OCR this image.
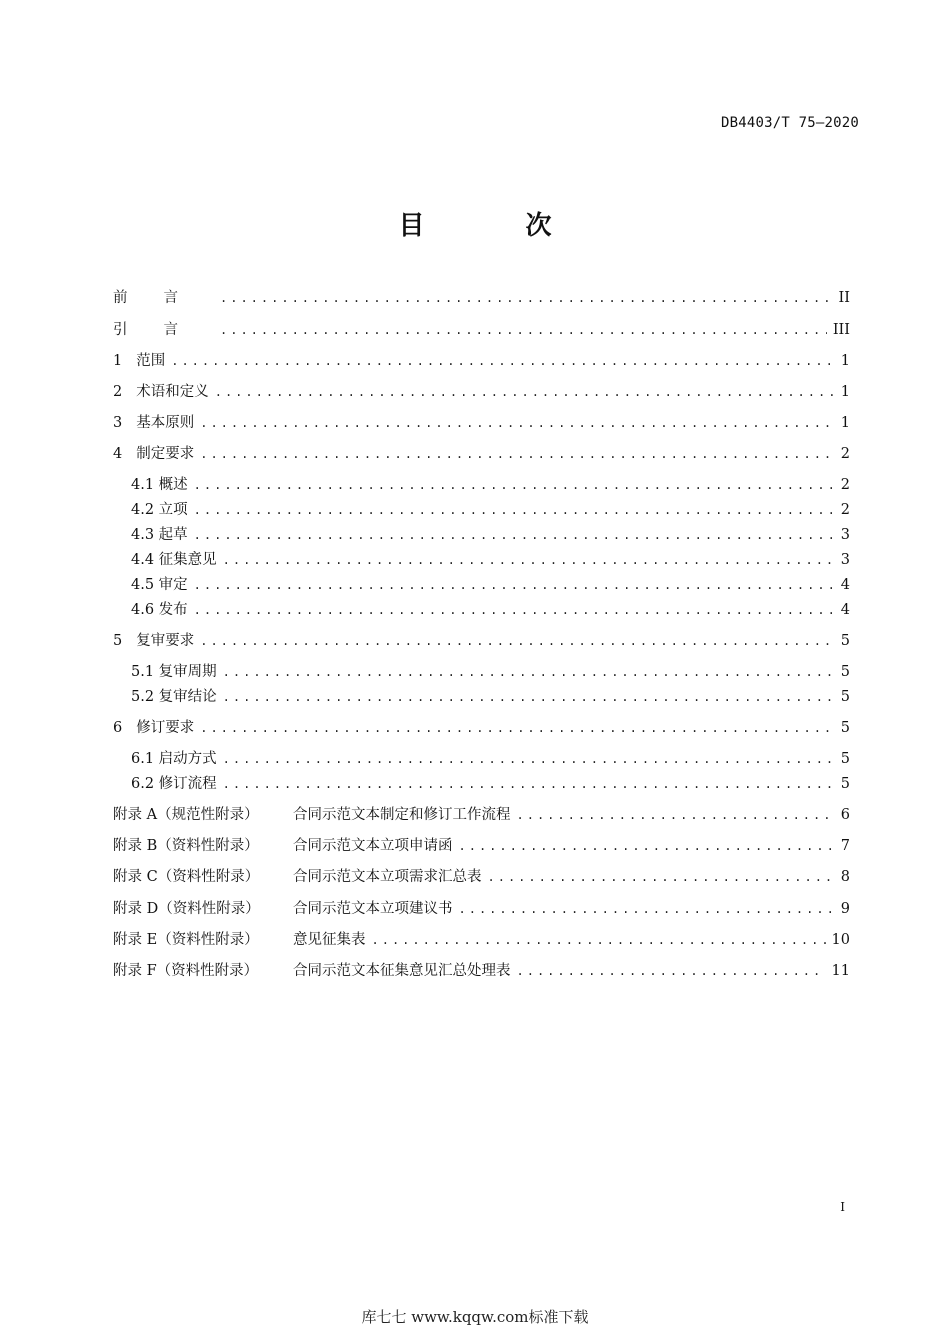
DB4403/T 75—2020
目 次
前言 .....	II
引言 .....	III
1 范围 .....	1
2 术语和定义 .....	1
3 基本原则 .....	1
4 制定要求 .....	2
4.1 概述 .....	2
4.2 立项 .....	2
4.3 起草 .....	3
4.4 征集意见 .....	3
4.5 审定 .....	4
4.6 发布 .....	4
5 复审要求 .....	5
5.1 复审周期 .....	5
5.2 复审结论 .....	5
6 修订要求 .....	5
6.1 启动方式 .....	5
6.2 修订流程 .....	5
附录 A（规范性附录）	合同示范文本制定和修订工作流程 .....	6
附录 B（资料性附录）	合同示范文本立项申请函 .....	7
附录 C（资料性附录）	合同示范文本立项需求汇总表 .....	8
附录 D（资料性附录）	合同示范文本立项建议书 .....	9
附录 E（资料性附录）	意见征集表 .....	10
附录 F（资料性附录）	合同示范文本征集意见汇总处理表 .....	11
I
库七七 www.kqqw.com标准下载
